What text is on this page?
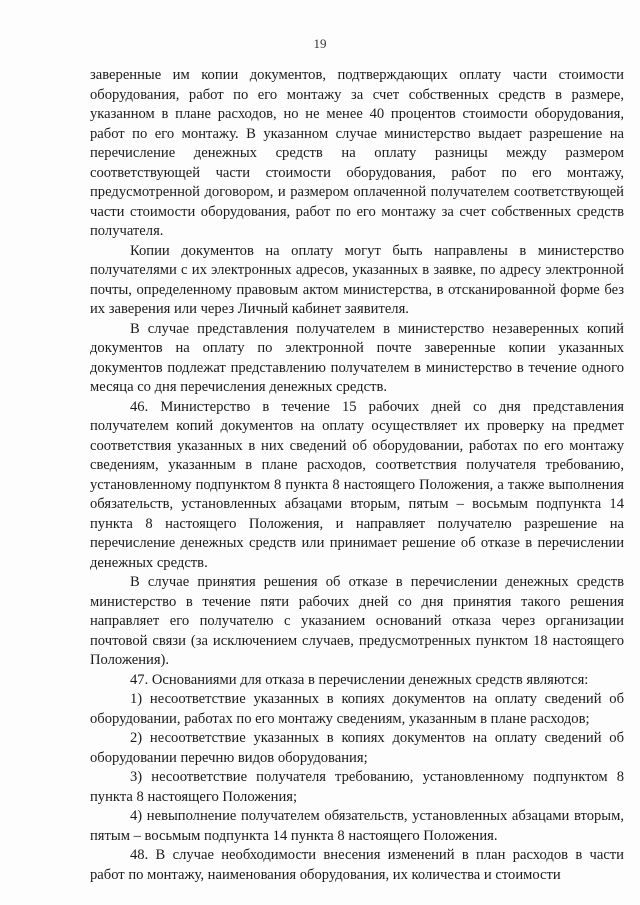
19

заверенные им копии документов, подтверждающих оплату части стоимости оборудования, работ по его монтажу за счет собственных средств в размере, указанном в плане расходов, но не менее 40 процентов стоимости оборудования, работ по его монтажу. В указанном случае министерство выдает разрешение на перечисление денежных средств на оплату разницы между размером соответствующей части стоимости оборудования, работ по его монтажу, предусмотренной договором, и размером оплаченной получателем соответствующей части стоимости оборудования, работ по его монтажу за счет собственных средств получателя.

Копии документов на оплату могут быть направлены в министерство получателями с их электронных адресов, указанных в заявке, по адресу электронной почты, определенному правовым актом министерства, в отсканированной форме без их заверения или через Личный кабинет заявителя.

В случае представления получателем в министерство незаверенных копий документов на оплату по электронной почте заверенные копии указанных документов подлежат представлению получателем в министерство в течение одного месяца со дня перечисления денежных средств.

46. Министерство в течение 15 рабочих дней со дня представления получателем копий документов на оплату осуществляет их проверку на предмет соответствия указанных в них сведений об оборудовании, работах по его монтажу сведениям, указанным в плане расходов, соответствия получателя требованию, установленному подпунктом 8 пункта 8 настоящего Положения, а также выполнения обязательств, установленных абзацами вторым, пятым – восьмым подпункта 14 пункта 8 настоящего Положения, и направляет получателю разрешение на перечисление денежных средств или принимает решение об отказе в перечислении денежных средств.

В случае принятия решения об отказе в перечислении денежных средств министерство в течение пяти рабочих дней со дня принятия такого решения направляет его получателю с указанием оснований отказа через организации почтовой связи (за исключением случаев, предусмотренных пунктом 18 настоящего Положения).

47. Основаниями для отказа в перечислении денежных средств являются:

1) несоответствие указанных в копиях документов на оплату сведений об оборудовании, работах по его монтажу сведениям, указанным в плане расходов;

2) несоответствие указанных в копиях документов на оплату сведений об оборудовании перечню видов оборудования;

3) несоответствие получателя требованию, установленному подпунктом 8 пункта 8 настоящего Положения;

4) невыполнение получателем обязательств, установленных абзацами вторым, пятым – восьмым подпункта 14 пункта 8 настоящего Положения.

48. В случае необходимости внесения изменений в план расходов в части работ по монтажу, наименования оборудования, их количества и стоимости
